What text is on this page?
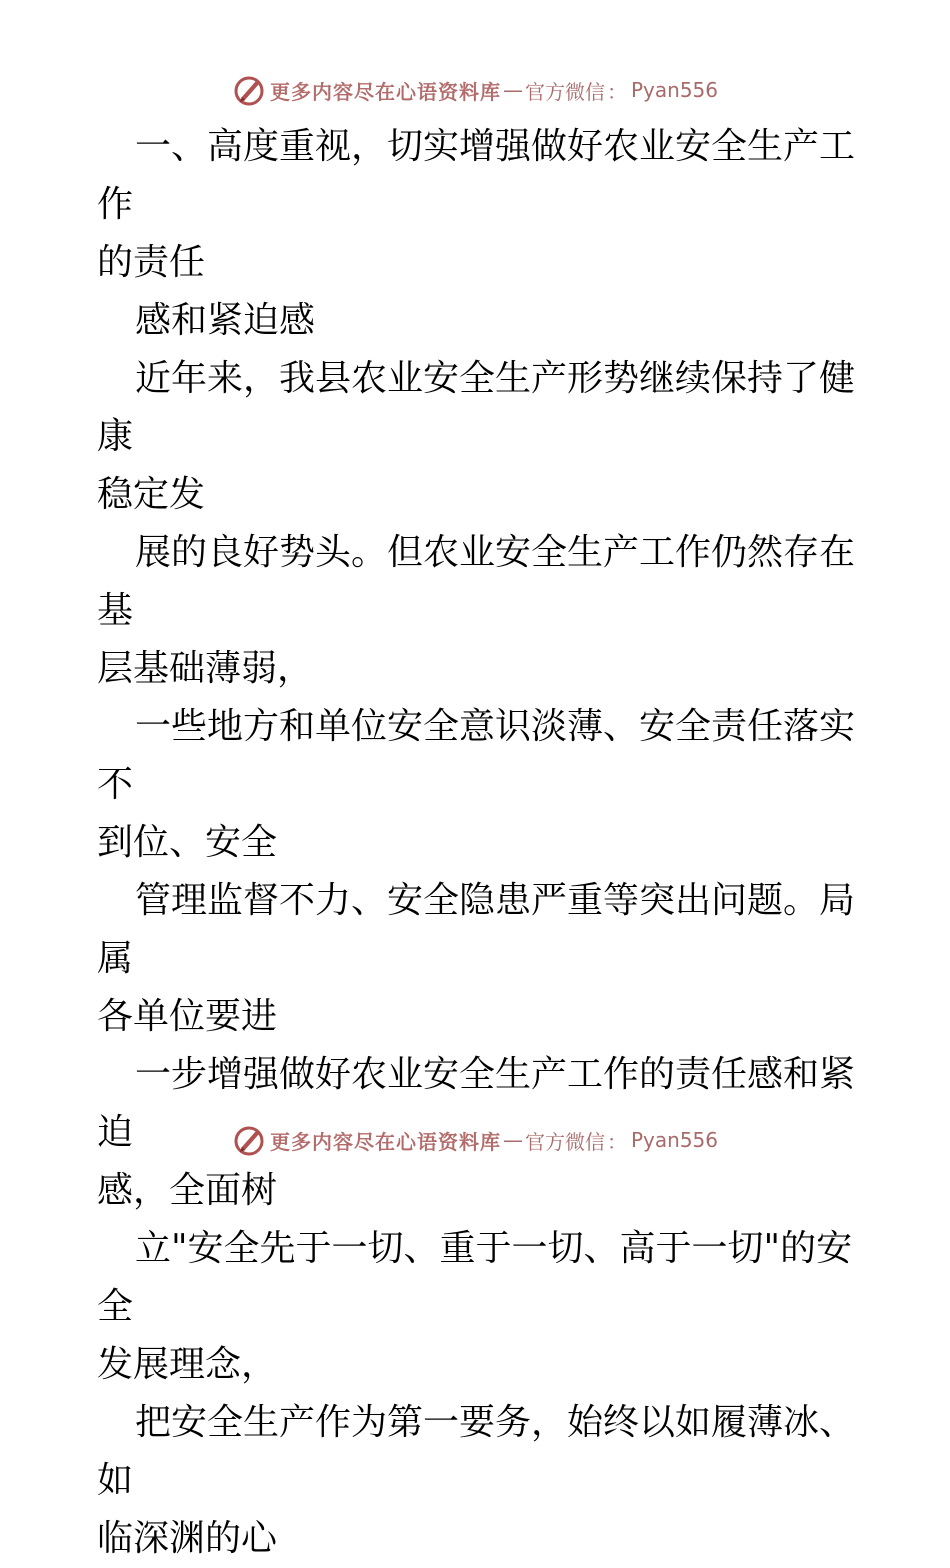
更多内容尽在心语资料库 — 官方微信 ： Pyan556

一、高度重视，切实增强做好农业安全生产工作
的责任

感和紧迫感

近年来，我县农业安全生产形势继续保持了健康
稳定发

展的良好势头。但农业安全生产工作仍然存在基
层基础薄弱，

一些地方和单位安全意识淡薄、安全责任落实不
到位、安全

管理监督不力、安全隐患严重等突出问题。局属
各单位要进

一步增强做好农业安全生产工作的责任感和紧迫
感，全面树

立"安全先于一切、重于一切、高于一切"的安全
发展理念，

把安全生产作为第一要务，始终以如履薄冰、如
临深渊的心

更多内容尽在心语资料库 — 官方微信 ： Pyan556
